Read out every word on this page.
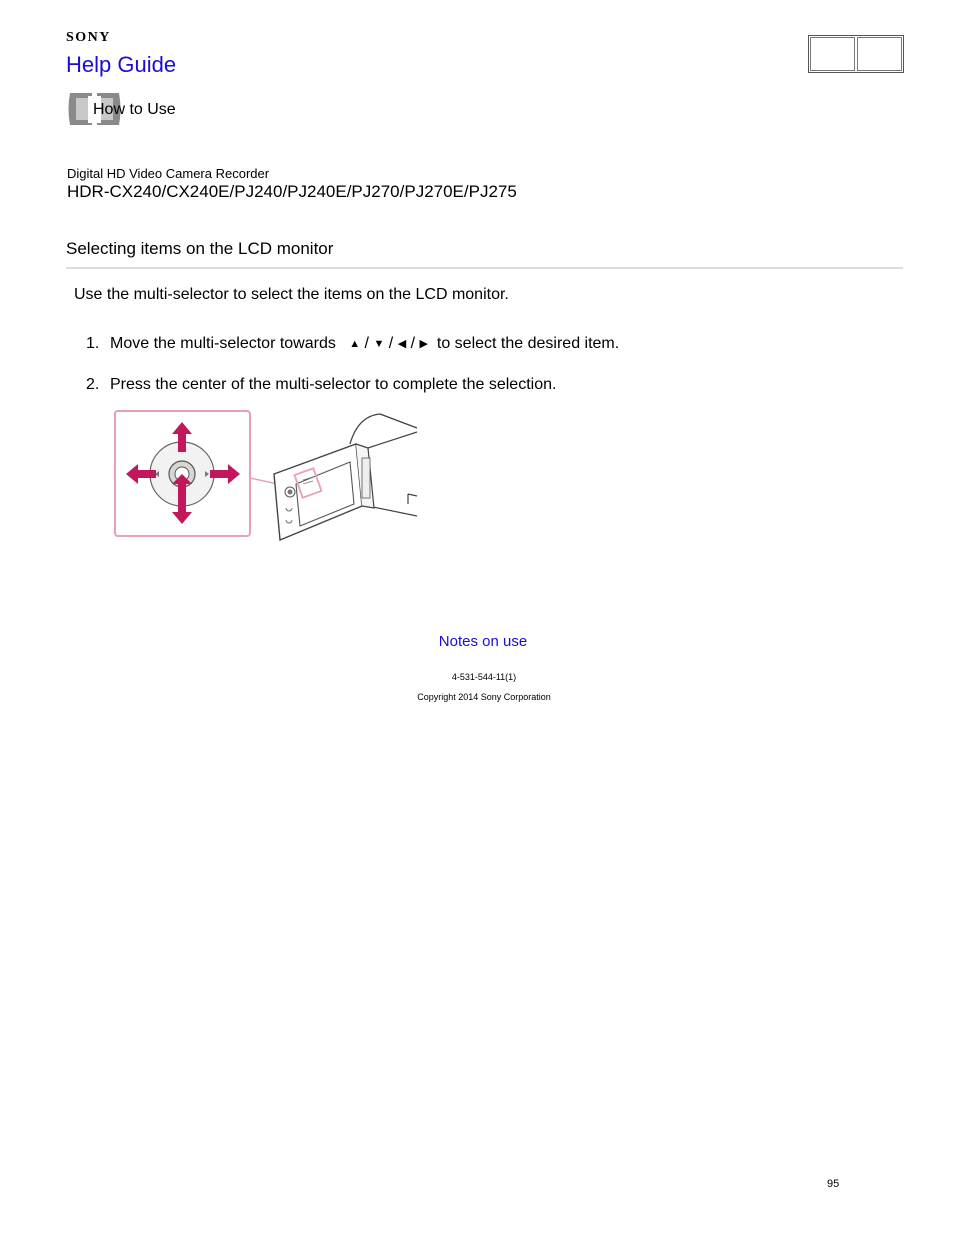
SONY
Help Guide
How to Use
Digital HD Video Camera Recorder
HDR-CX240/CX240E/PJ240/PJ240E/PJ270/PJ270E/PJ275
Selecting items on the LCD monitor
Use the multi-selector to select the items on the LCD monitor.
1. Move the multi-selector towards ▲ / ▼ / ◀ / ▶ to select the desired item.
2. Press the center of the multi-selector to complete the selection.
Notes on use
4-531-544-11(1)
Copyright 2014 Sony Corporation
95
